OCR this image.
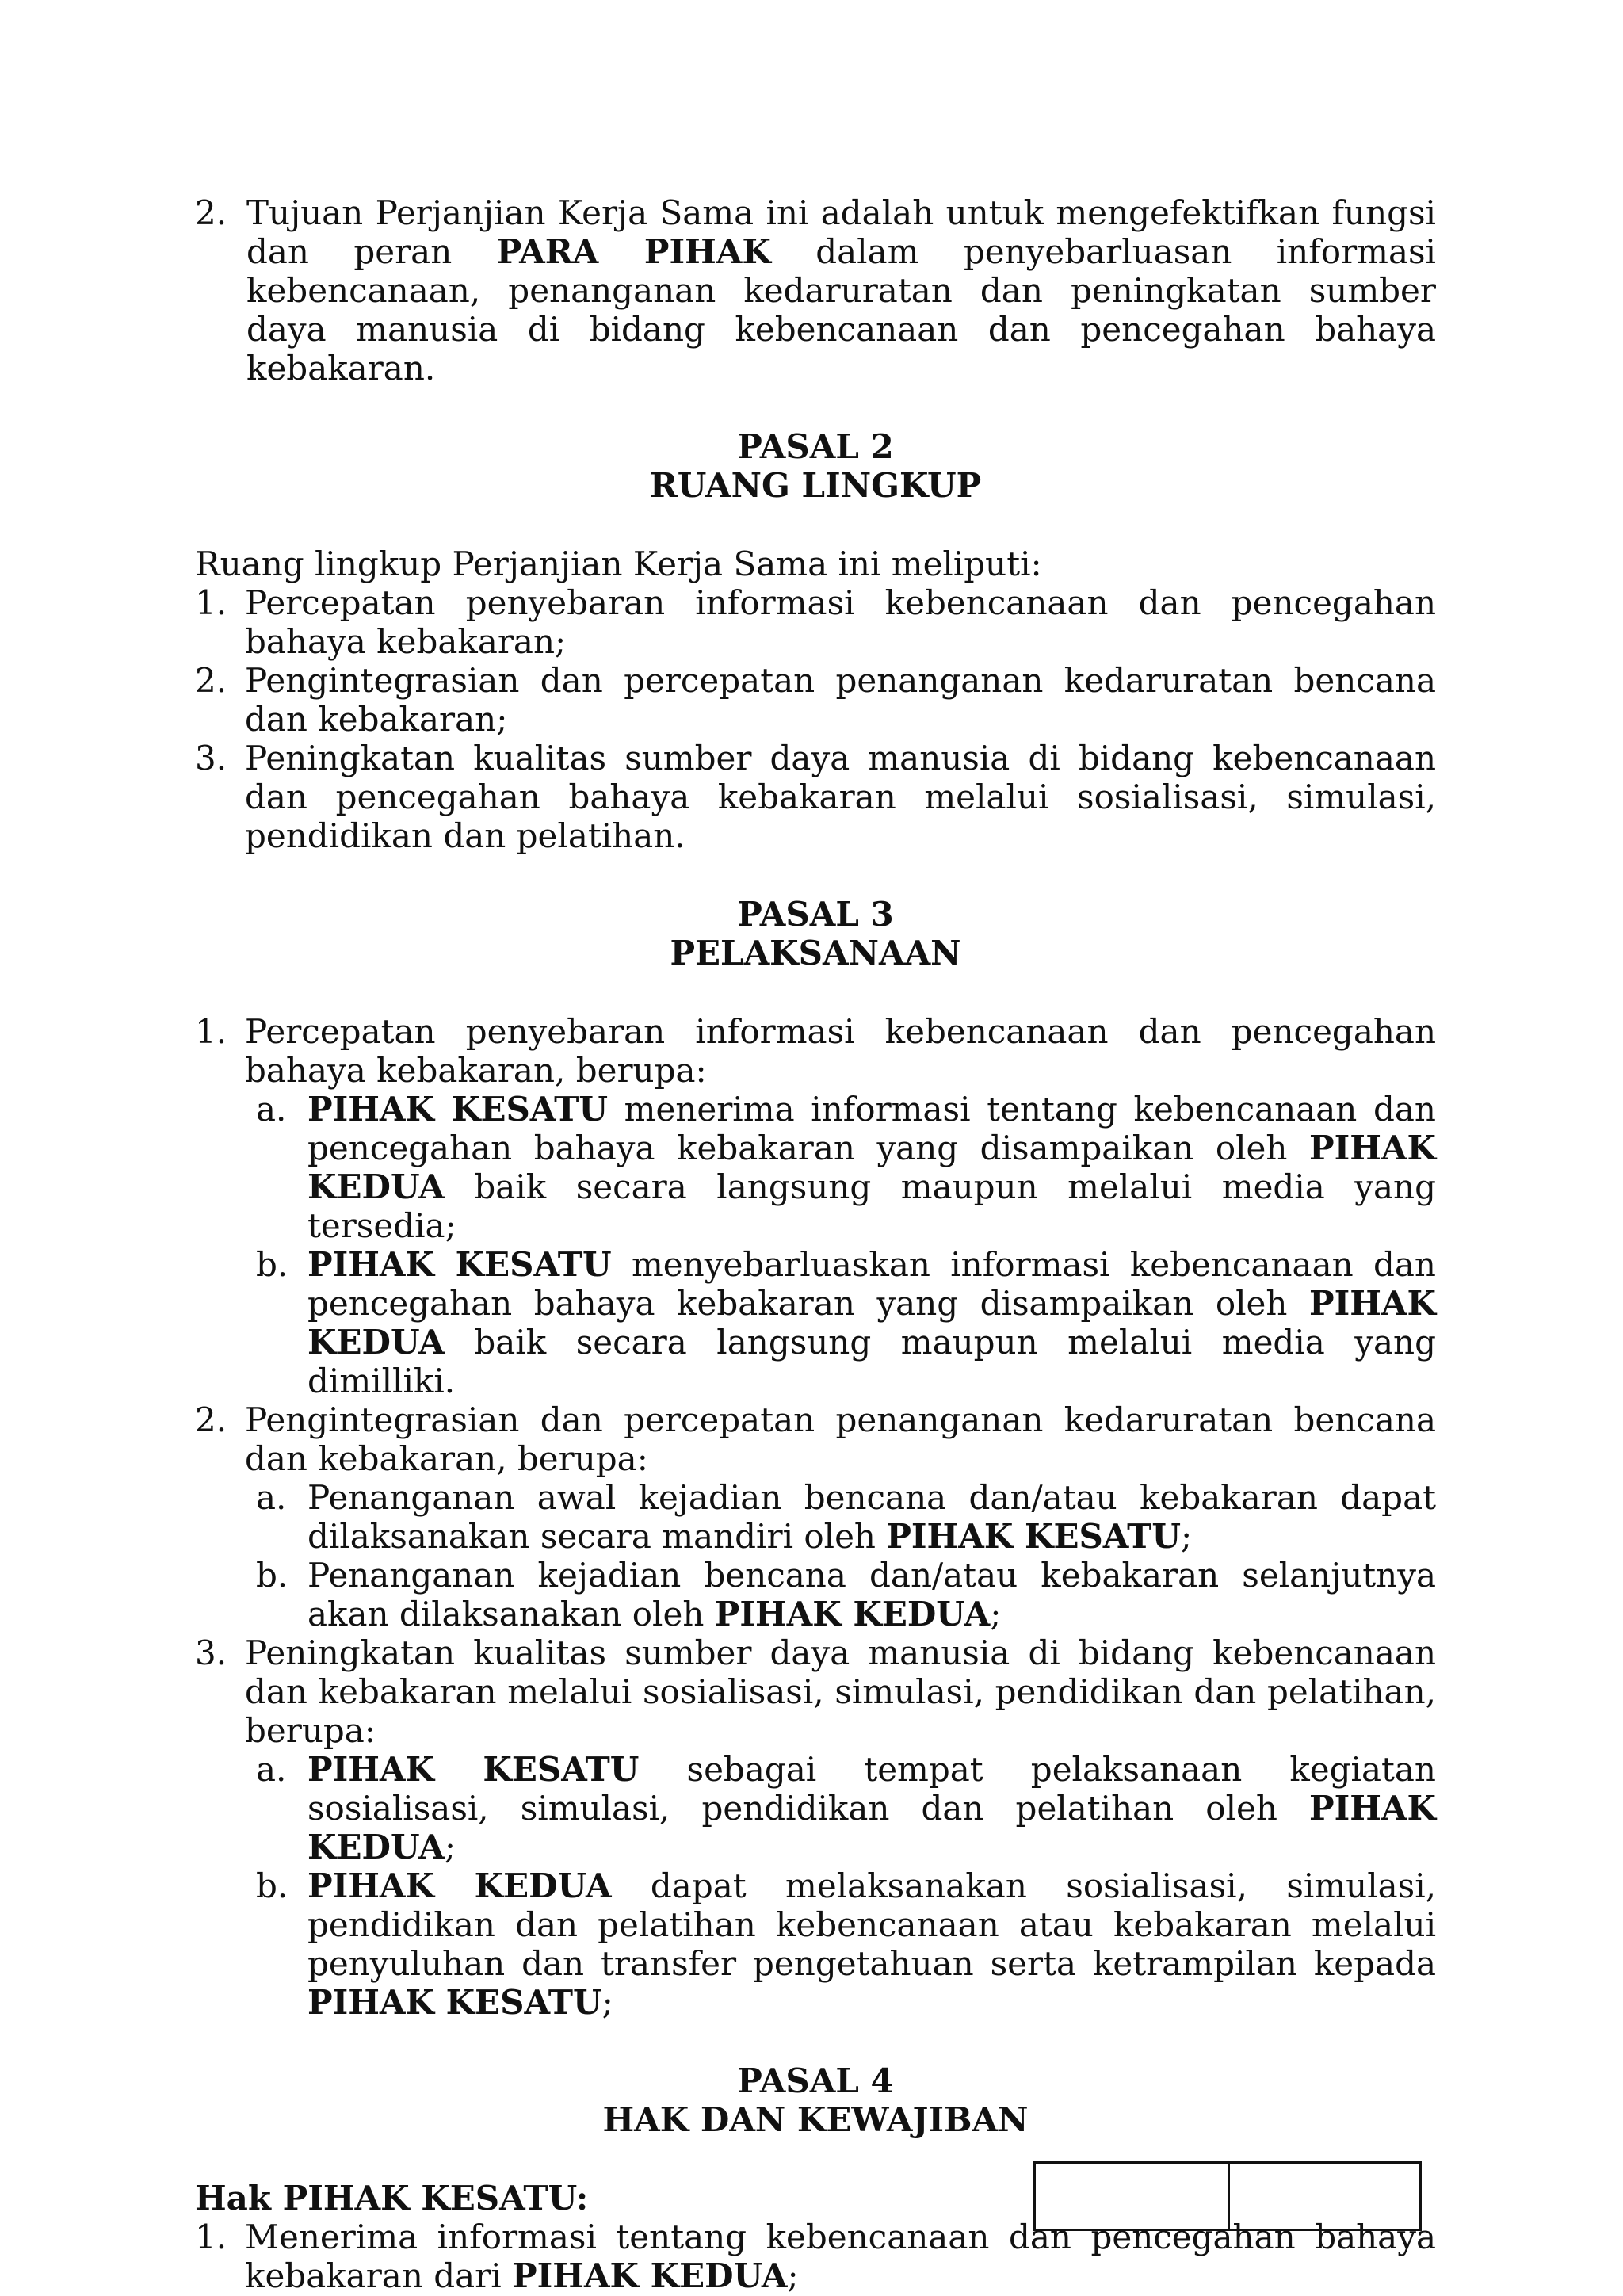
2. Tujuan Perjanjian Kerja Sama ini adalah untuk mengefektifkan fungsi dan peran PARA PIHAK dalam penyebarluasan informasi kebencanaan, penanganan kedaruratan dan peningkatan sumber daya manusia di bidang kebencanaan dan pencegahan bahaya kebakaran.
PASAL 2
RUANG LINGKUP
Ruang lingkup Perjanjian Kerja Sama ini meliputi:
1. Percepatan penyebaran informasi kebencanaan dan pencegahan bahaya kebakaran;
2. Pengintegrasian dan percepatan penanganan kedaruratan bencana dan kebakaran;
3. Peningkatan kualitas sumber daya manusia di bidang kebencanaan dan pencegahan bahaya kebakaran melalui sosialisasi, simulasi, pendidikan dan pelatihan.
PASAL 3
PELAKSANAAN
1. Percepatan penyebaran informasi kebencanaan dan pencegahan bahaya kebakaran, berupa:
a. PIHAK KESATU menerima informasi tentang kebencanaan dan pencegahan bahaya kebakaran yang disampaikan oleh PIHAK KEDUA baik secara langsung maupun melalui media yang tersedia;
b. PIHAK KESATU menyebarluaskan informasi kebencanaan dan pencegahan bahaya kebakaran yang disampaikan oleh PIHAK KEDUA baik secara langsung maupun melalui media yang dimilliki.
2. Pengintegrasian dan percepatan penanganan kedaruratan bencana dan kebakaran, berupa:
a. Penanganan awal kejadian bencana dan/atau kebakaran dapat dilaksanakan secara mandiri oleh PIHAK KESATU;
b. Penanganan kejadian bencana dan/atau kebakaran selanjutnya akan dilaksanakan oleh PIHAK KEDUA;
3. Peningkatan kualitas sumber daya manusia di bidang kebencanaan dan kebakaran melalui sosialisasi, simulasi, pendidikan dan pelatihan, berupa:
a. PIHAK KESATU sebagai tempat pelaksanaan kegiatan sosialisasi, simulasi, pendidikan dan pelatihan oleh PIHAK KEDUA;
b. PIHAK KEDUA dapat melaksanakan sosialisasi, simulasi, pendidikan dan pelatihan kebencanaan atau kebakaran melalui penyuluhan dan transfer pengetahuan serta ketrampilan kepada PIHAK KESATU;
PASAL 4
HAK DAN KEWAJIBAN
Hak PIHAK KESATU:
1. Menerima informasi tentang kebencanaan dan pencegahan bahaya kebakaran dari PIHAK KEDUA;
